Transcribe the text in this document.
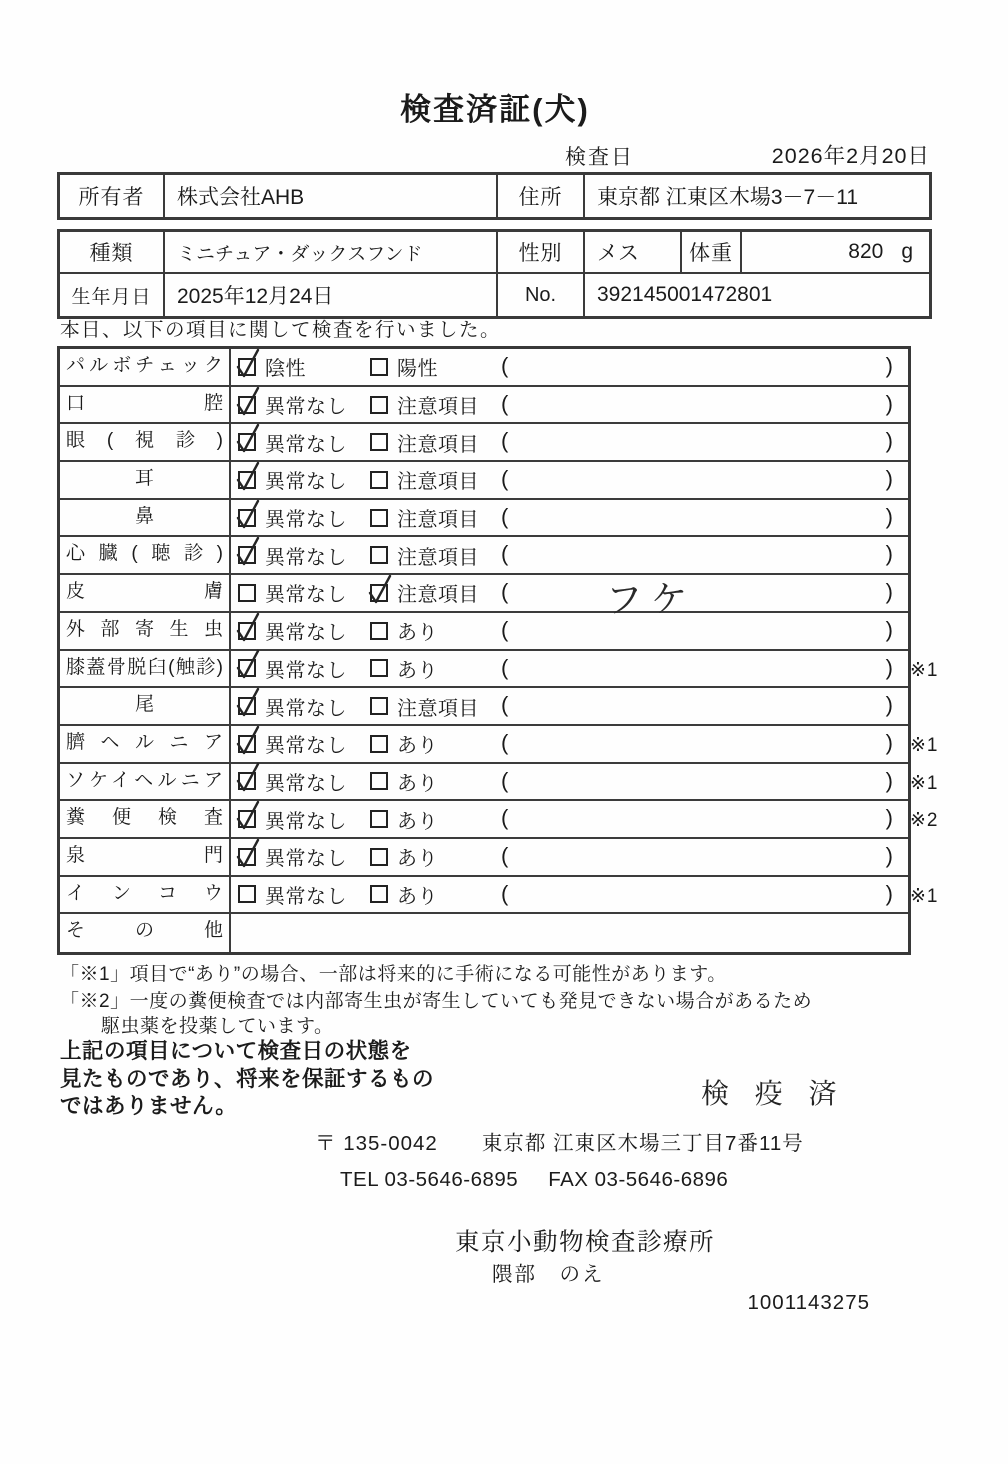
検査済証(犬)
検査日	2026年2月20日
所有者	株式会社AHB	住所	東京都 江東区木場3－7－11
種類	ミニチュア・ダックスフンド	性別	メス	体重	820 g
生年月日	2025年12月24日	No.	392145001472801
本日、以下の項目に関して検査を行いました。
パルボチェック	陰性	陽性	(	)
口腔	異常なし	注意項目 (	)
眼(視診)	異常なし	注意項目 (	)
耳	異常なし	注意項目 (	)
鼻	異常なし	注意項目 (	)
心臓(聴診)	異常なし	注意項目 (	)
皮膚	異常なし	注意項目 (	フケ	)
外部寄生虫	異常なし	あり	(	)
膝蓋骨脱臼(触診)	異常なし	あり	(	) ※1
尾	異常なし	注意項目 (	)
臍ヘルニア	異常なし	あり	(	) ※1
ソケイヘルニア	異常なし	あり	(	) ※1
糞便検査	異常なし	あり	(	) ※2
泉門	異常なし	あり	(	)
インコウ	異常なし	あり	(	) ※1
その他
「※1」項目で“あり”の場合、一部は将来的に手術になる可能性があります。
「※2」一度の糞便検査では内部寄生虫が寄生していても発見できない場合があるため
駆虫薬を投薬しています。
上記の項目について検査日の状態を
見たものであり、将来を保証するもの
ではありません。	検 疫 済
〒 135-0042 東京都 江東区木場三丁目7番11号
TEL 03-5646-6895 FAX 03-5646-6896
東京小動物検査診療所
隈部　のえ
1001143275
